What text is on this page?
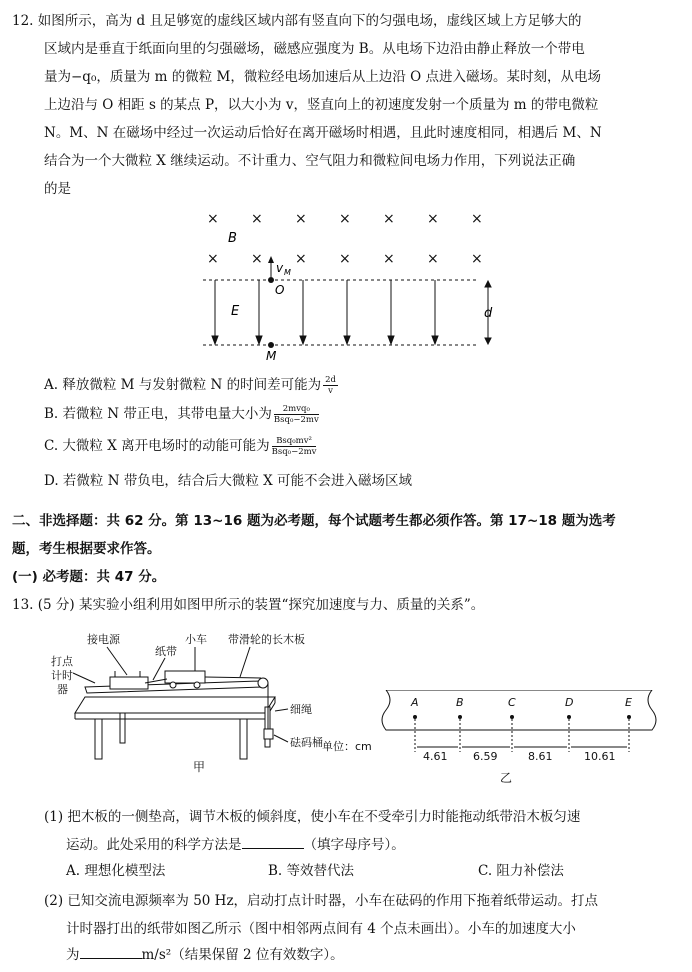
12. 如图所示，高为 d 且足够宽的虚线区域内部有竖直向下的匀强电场，虚线区域上方足够大的
区域内是垂直于纸面向里的匀强磁场，磁感应强度为 B。从电场下边沿由静止释放一个带电
量为−q₀，质量为 m 的微粒 M，微粒经电场加速后从上边沿 O 点进入磁场。某时刻，从电场
上边沿与 O 相距 s 的某点 P，以大小为 v，竖直向上的初速度发射一个质量为 m 的带电微粒
N。M、N 在磁场中经过一次运动后恰好在离开磁场时相遇，且此时速度相同，相遇后 M、N
结合为一个大微粒 X 继续运动。不计重力、空气阻力和微粒间电场力作用，下列说法正确
的是
× × × × × × ×
× × × × × × ×
B
d
E
v M
O
M
A. 释放微粒 M 与发射微粒 N 的时间差可能为 $\frac{2d}{v}$
B. 若微粒 N 带正电，其带电量大小为 $\frac{\text{2mvq₀}}{\text{Bsq₀−2mv}}$
C. 大微粒 X 离开电场时的动能可能为 $\frac{\text{Bsq₀mv²}}{\text{Bsq₀−2mv}}$
D. 若微粒 N 带负电，结合后大微粒 X 可能不会进入磁场区域
二、非选择题：共 62 分。第 13~16 题为必考题，每个试题考生都必须作答。第 17~18 题为选考
题，考生根据要求作答。
(一) 必考题：共 47 分。
13. (5 分) 某实验小组利用如图甲所示的装置“探究加速度与力、质量的关系”。
接电源
纸带
小车 带滑轮的长木板
打点
计时
器
细绳
砝码桶
甲
A	B	C	D	E
单位：cm
4.61 6.59	8.61	10.61
乙
(1) 把木板的一侧垫高，调节木板的倾斜度，使小车在不受牵引力时能拖动纸带沿木板匀速
运动。此处采用的科学方法是	（填字母序号）。
A. 理想化模型法	B. 等效替代法	C. 阻力补偿法
(2) 已知交流电源频率为 50 Hz，启动打点计时器，小车在砝码的作用下拖着纸带运动。打点
计时器打出的纸带如图乙所示（图中相邻两点间有 4 个点未画出）。小车的加速度大小
为	m/s²（结果保留 2 位有效数字）。
